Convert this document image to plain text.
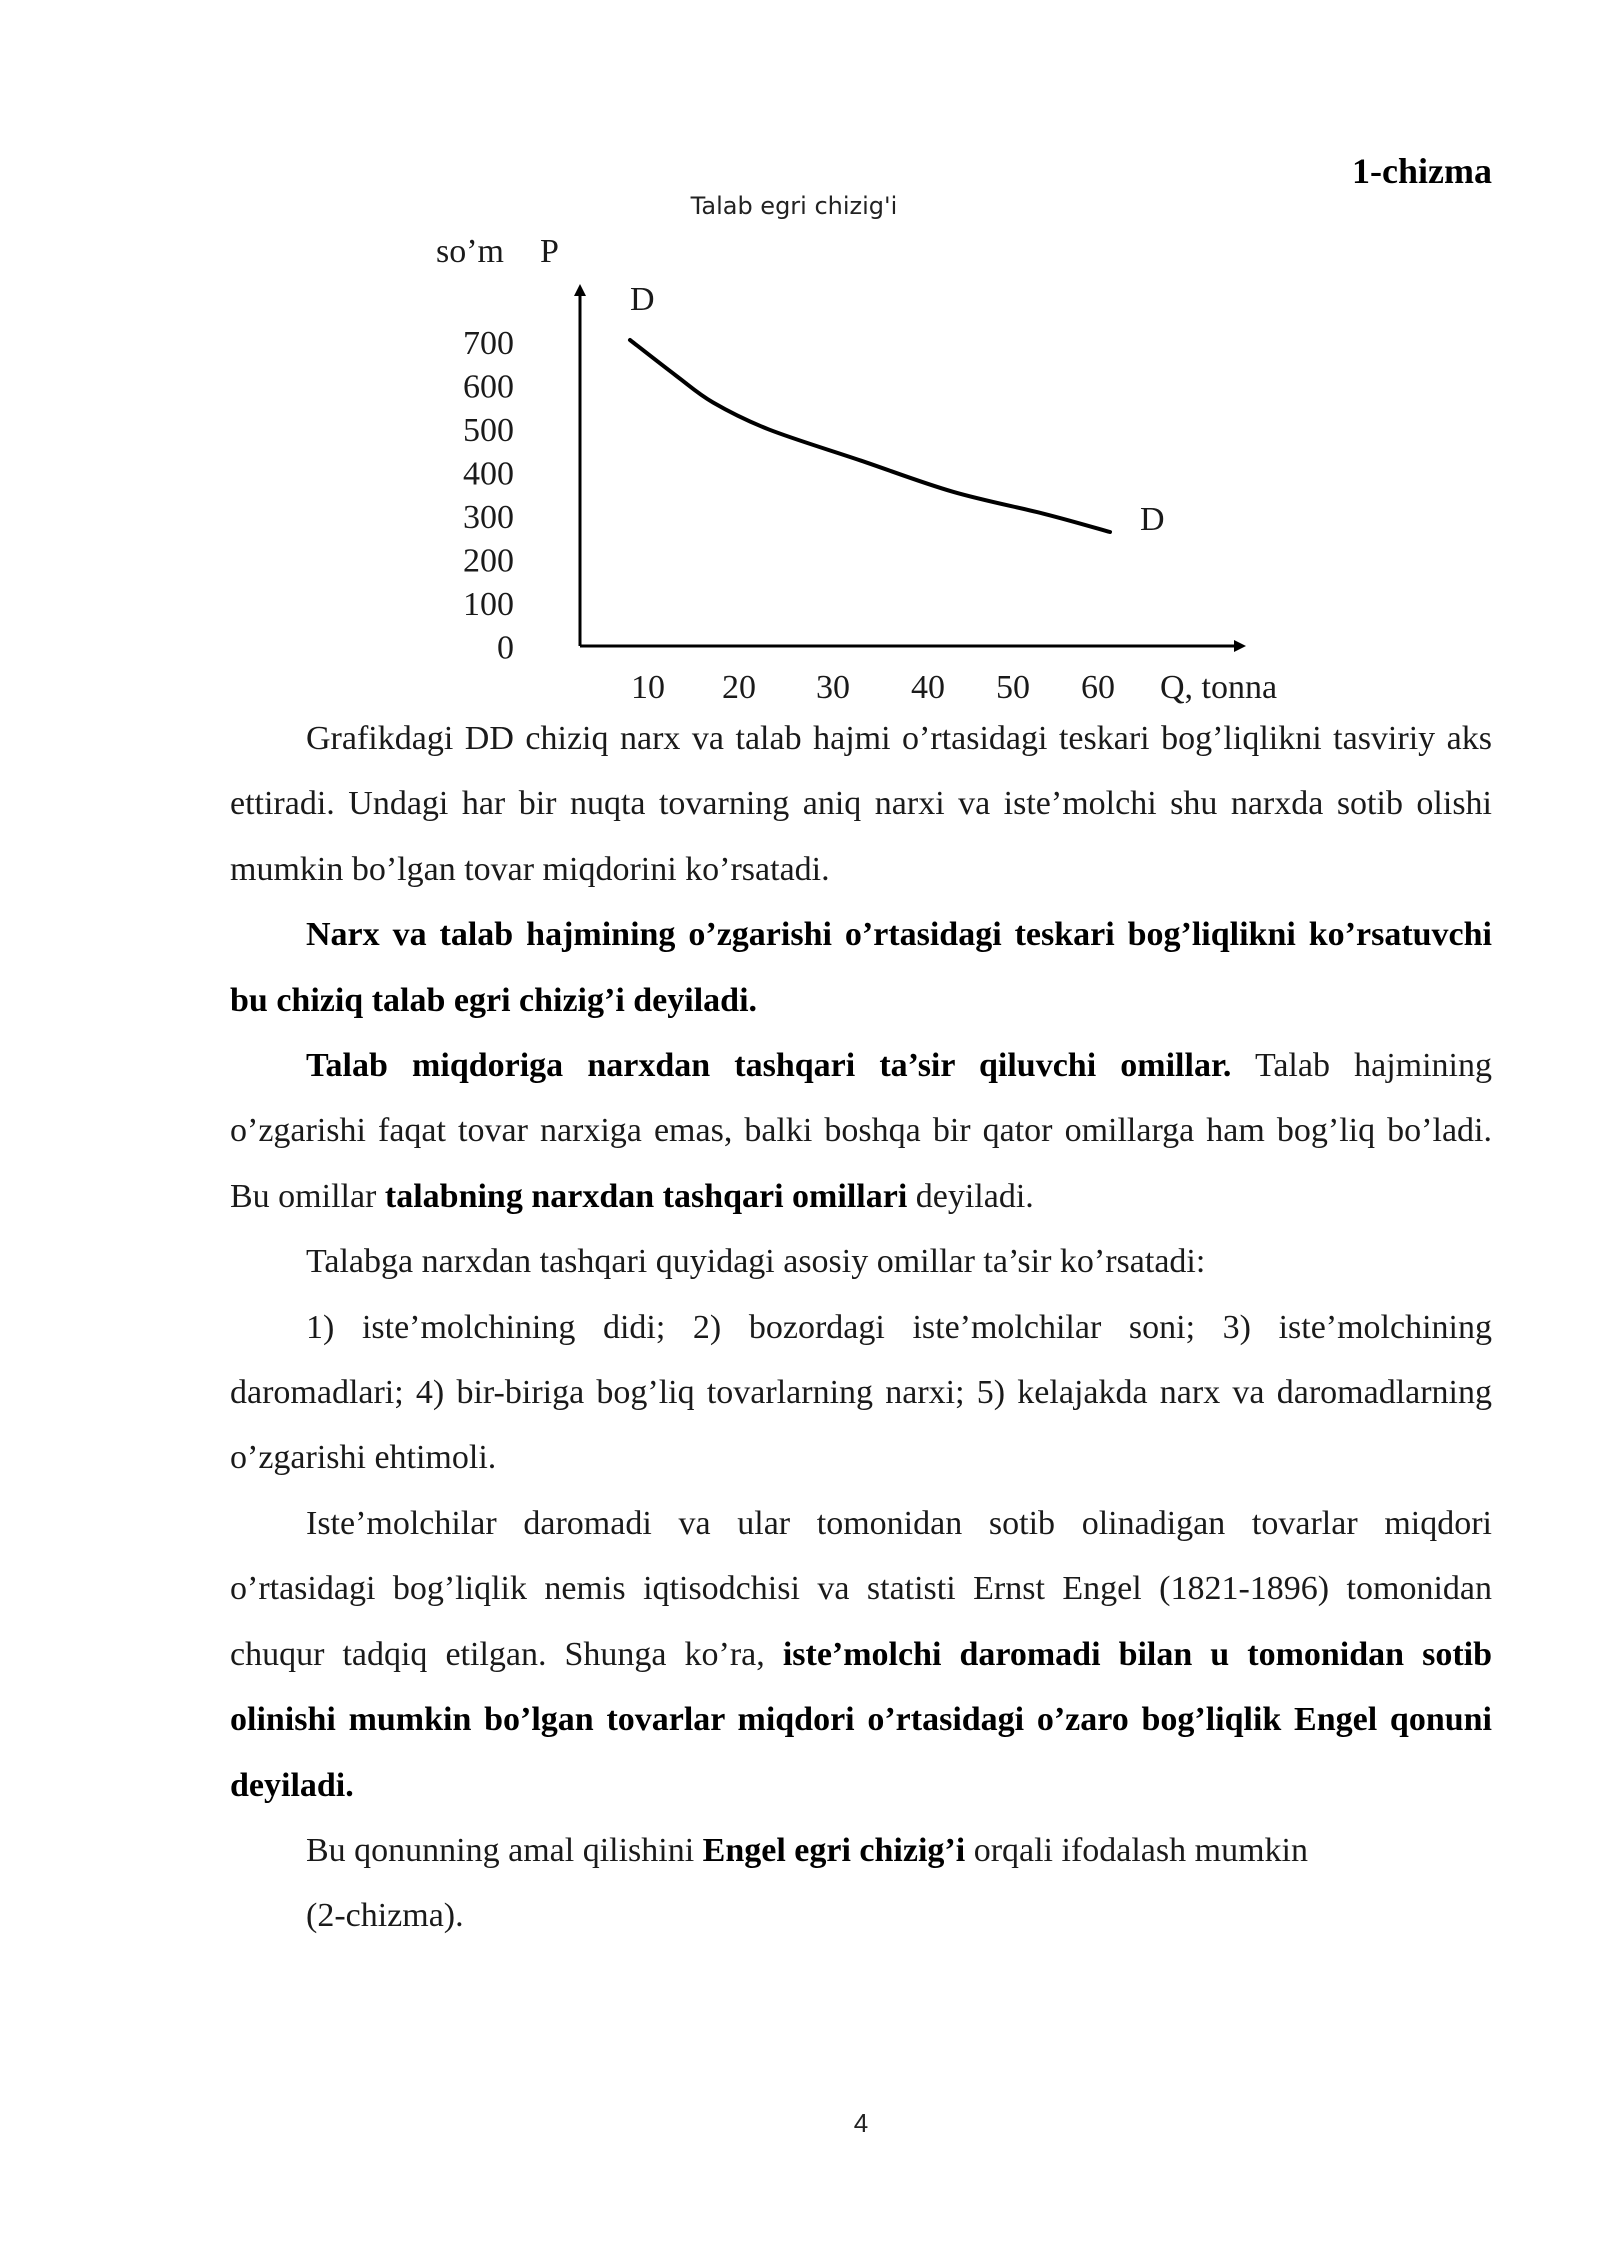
1-chizma
Talab egri chizig'i
so’m P
700
600
500
400
300
200
100
0
10 20 30 40 50 60 Q, tonna
D
D

Grafikdagi DD chiziq narx va talab hajmi o’rtasidagi teskari bog’liqlikni tasviriy aks ettiradi. Undagi har bir nuqta tovarning aniq narxi va iste’molchi shu narxda sotib olishi mumkin bo’lgan tovar miqdorini ko’rsatadi.

Narx va talab hajmining o’zgarishi o’rtasidagi teskari bog’liqlikni ko’rsatuvchi bu chiziq talab egri chizig’i deyiladi.

Talab miqdoriga narxdan tashqari ta’sir qiluvchi omillar. Talab hajmining o’zgarishi faqat tovar narxiga emas, balki boshqa bir qator omillarga ham bog’liq bo’ladi. Bu omillar talabning narxdan tashqari omillari deyiladi.

Talabga narxdan tashqari quyidagi asosiy omillar ta’sir ko’rsatadi:

1) iste’molchining didi; 2) bozordagi iste’molchilar soni; 3) iste’molchining daromadlari; 4) bir-biriga bog’liq tovarlarning narxi; 5) kelajakda narx va daromadlarning o’zgarishi ehtimoli.

Iste’molchilar daromadi va ular tomonidan sotib olinadigan tovarlar miqdori o’rtasidagi bog’liqlik nemis iqtisodchisi va statisti Ernst Engel (1821-1896) tomonidan chuqur tadqiq etilgan. Shunga ko’ra, iste’molchi daromadi bilan u tomonidan sotib olinishi mumkin bo’lgan tovarlar miqdori o’rtasidagi o’zaro bog’liqlik Engel qonuni deyiladi.

Bu qonunning amal qilishini Engel egri chizig’i orqali ifodalash mumkin

(2-chizma).

4
